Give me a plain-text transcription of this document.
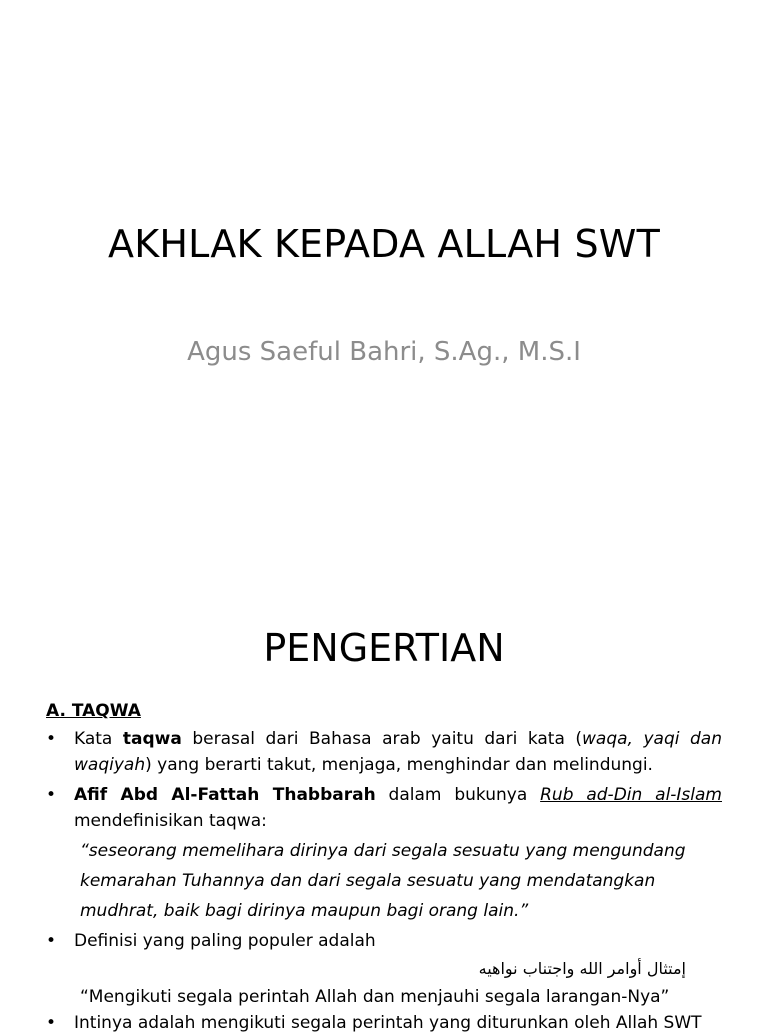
AKHLAK KEPADA ALLAH SWT
Agus Saeful Bahri, S.Ag., M.S.I
PENGERTIAN

A. TAQWA

• Kata taqwa berasal dari Bahasa arab yaitu dari kata (waqa, yaqi dan waqiyah) yang berarti takut, menjaga, menghindar dan melindungi.

• Afif Abd Al-Fattah Thabbarah dalam bukunya Rub ad-Din al-Islam mendefinisikan taqwa:

“seseorang memelihara dirinya dari segala sesuatu yang mengundang

kemarahan Tuhannya dan dari segala sesuatu yang mendatangkan

mudhrat, baik bagi dirinya maupun bagi orang lain.”

• Definisi yang paling populer adalah

إمتثال أوامر الله واجتناب نواهيه

“Mengikuti segala perintah Allah dan menjauhi segala larangan-Nya”

• Intinya adalah mengikuti segala perintah yang diturunkan oleh Allah SWT
